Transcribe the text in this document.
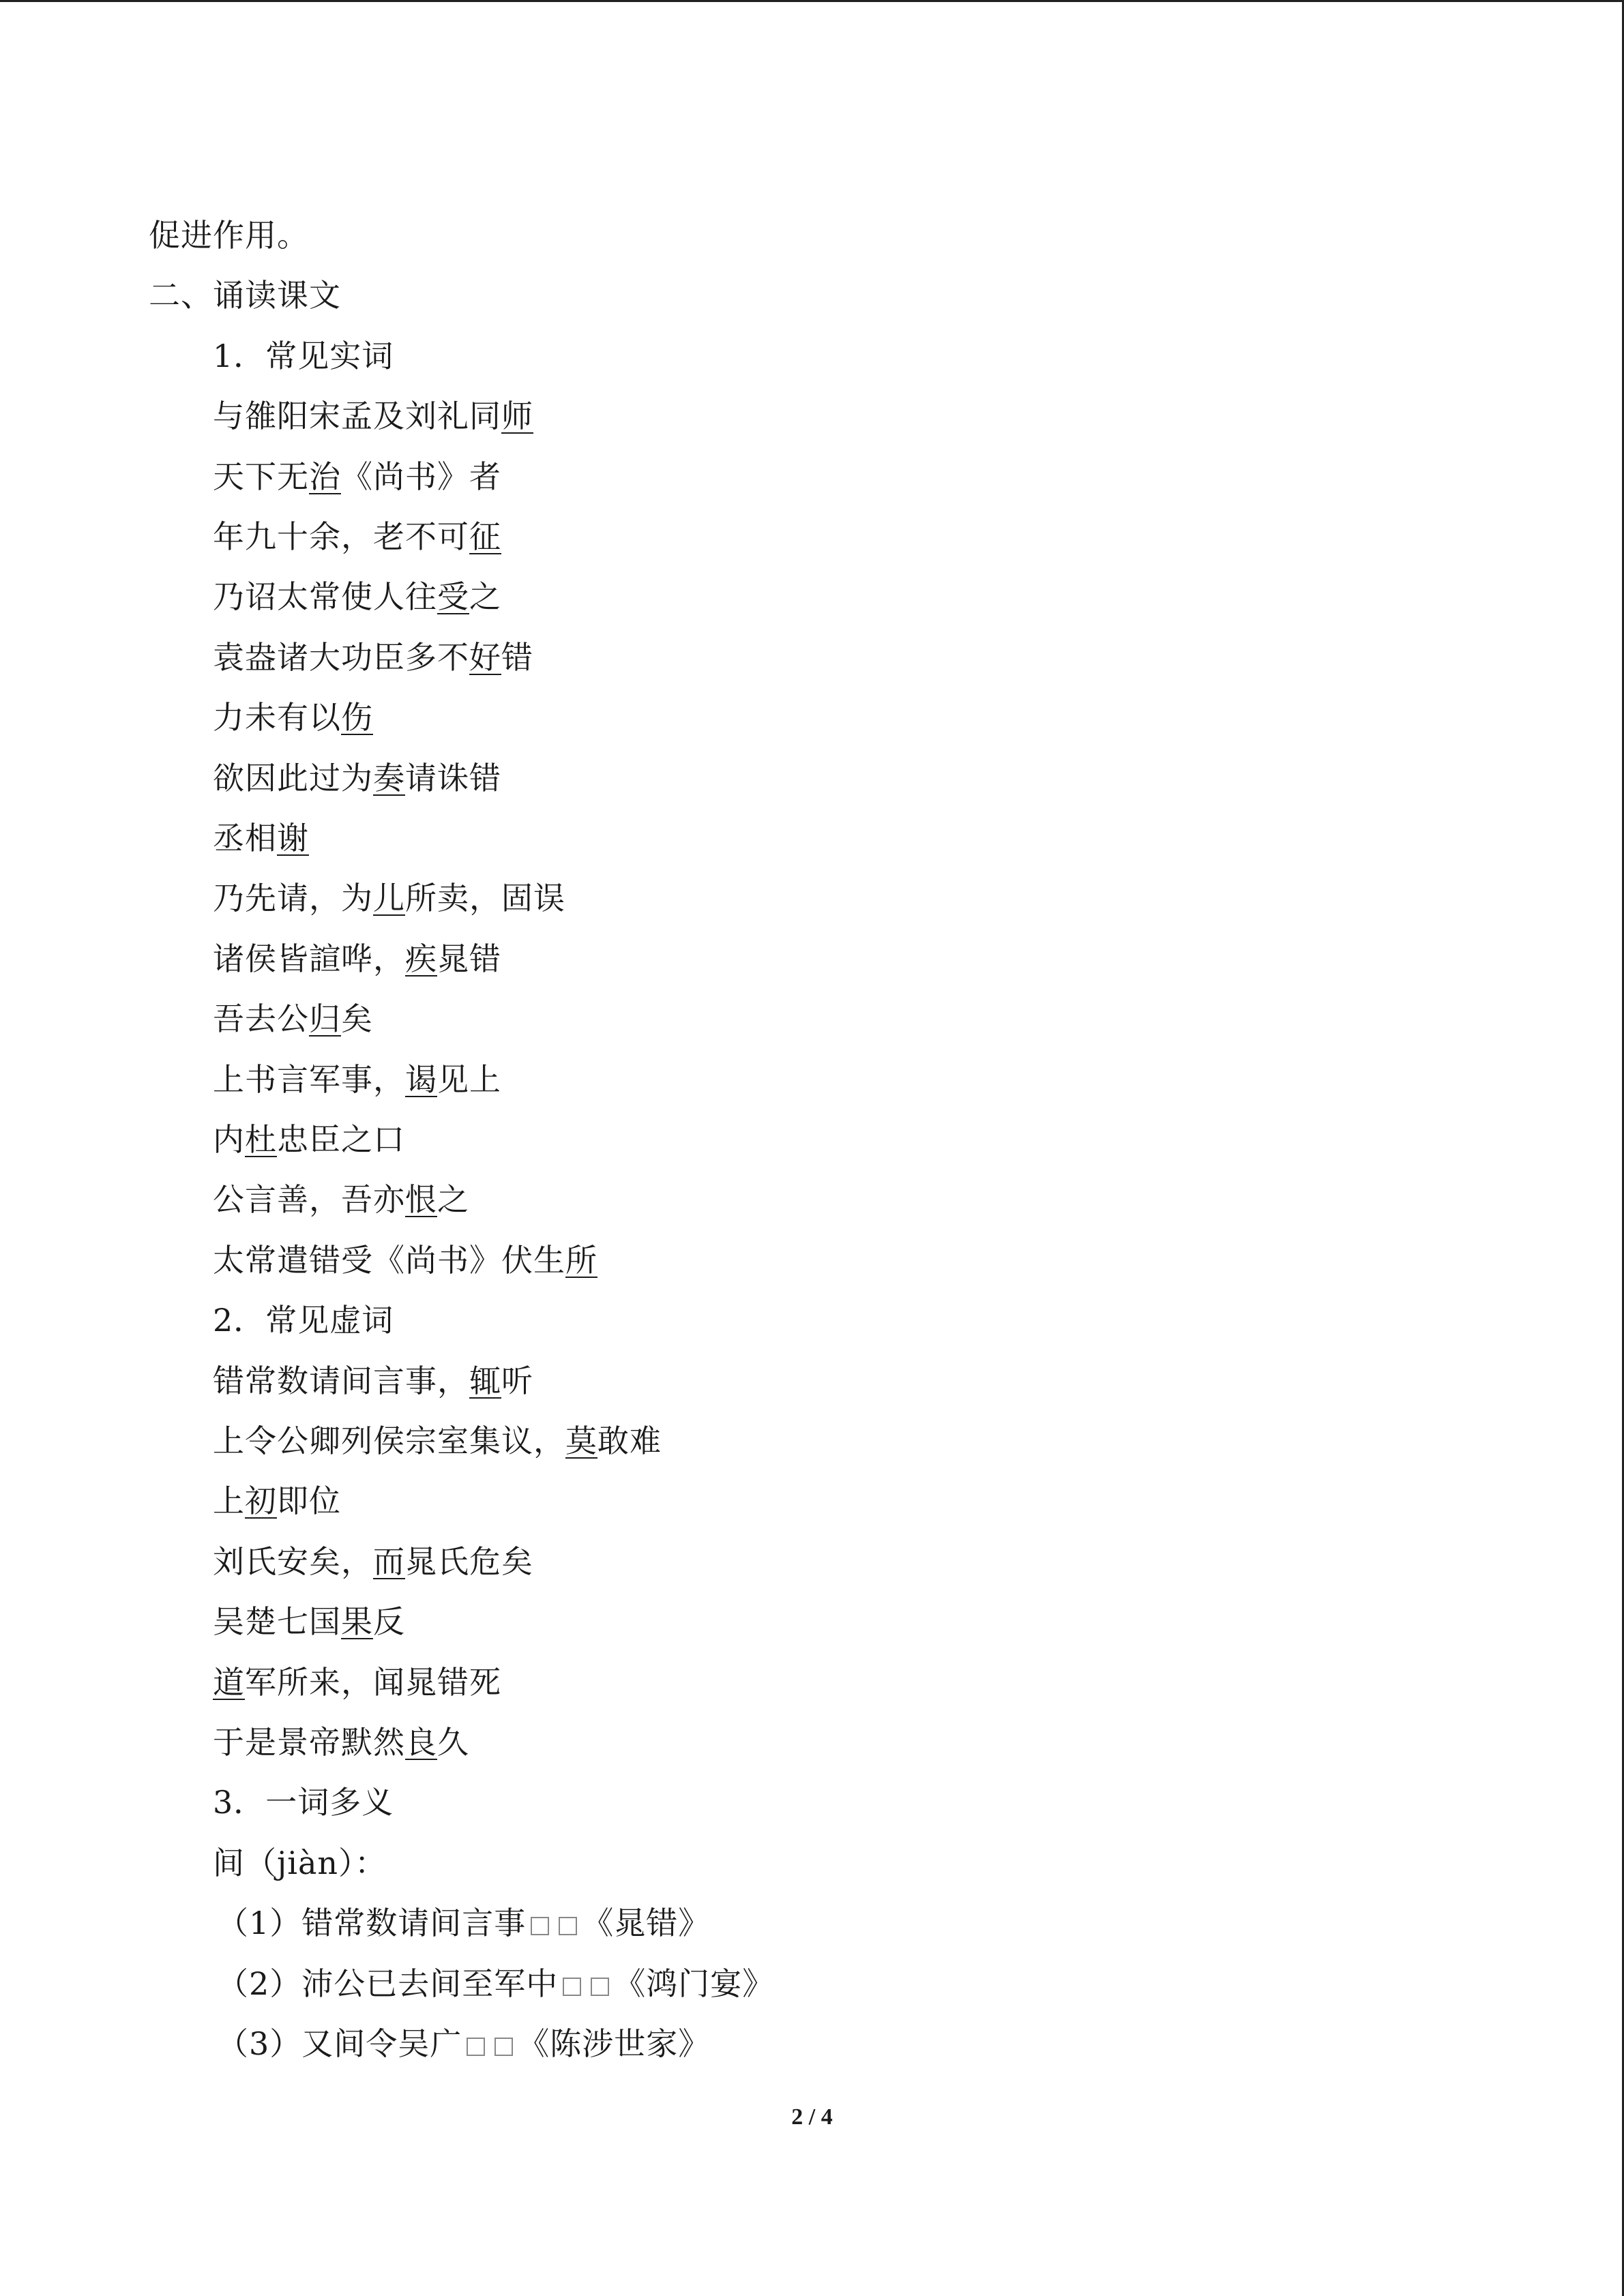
促进作用。
二、诵读课文
1．常见实词
与雒阳宋孟及刘礼同师
天下无治《尚书》者
年九十余，老不可征
乃诏太常使人往受之
袁盎诸大功臣多不好错
力未有以伤
欲因此过为奏请诛错
丞相谢
乃先请，为儿所卖，固误
诸侯皆諠哗，疾晁错
吾去公归矣
上书言军事，谒见上
内杜忠臣之口
公言善，吾亦恨之
太常遣错受《尚书》伏生所
2．常见虚词
错常数请间言事，辄听
上令公卿列侯宗室集议，莫敢难
上初即位
刘氏安矣，而晁氏危矣
吴楚七国果反
道军所来，闻晁错死
于是景帝默然良久
3．一词多义
间（jiàn）：
（1）错常数请间言事 《晁错》
（2）沛公已去间至军中 《鸿门宴》
（3）又间令吴广 《陈涉世家》
2 / 4
